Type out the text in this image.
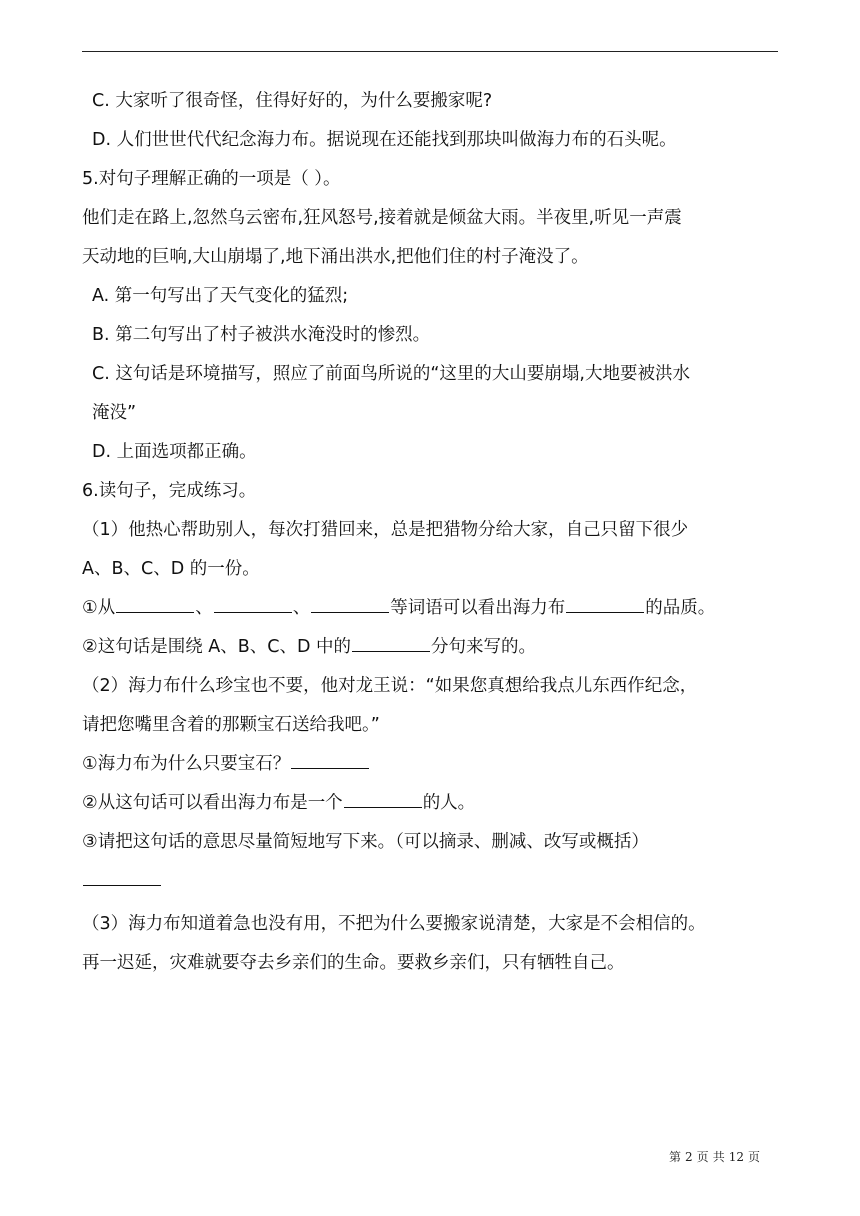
C. 大家听了很奇怪，住得好好的，为什么要搬家呢?
D. 人们世世代代纪念海力布。据说现在还能找到那块叫做海力布的石头呢。
5.对句子理解正确的一项是（ ）。
他们走在路上,忽然乌云密布,狂风怒号,接着就是倾盆大雨。半夜里,听见一声震
天动地的巨响,大山崩塌了,地下涌出洪水,把他们住的村子淹没了。
A. 第一句写出了天气变化的猛烈;
B. 第二句写出了村子被洪水淹没时的惨烈。
C. 这句话是环境描写，照应了前面鸟所说的“这里的大山要崩塌,大地要被洪水
淹没”
D. 上面选项都正确。
6.读句子，完成练习。
（1）他热心帮助别人，每次打猎回来，总是把猎物分给大家，自己只留下很少
A、B、C、D 的一份。
①从	、	、	等词语可以看出海力布	的品质。
②这句话是围绕 A、B、C、D 中的	分句来写的。
（2）海力布什么珍宝也不要，他对龙王说：“如果您真想给我点儿东西作纪念，
请把您嘴里含着的那颗宝石送给我吧。”
①海力布为什么只要宝石？
②从这句话可以看出海力布是一个	的人。
③请把这句话的意思尽量简短地写下来。（可以摘录、删减、改写或概括）
（3）海力布知道着急也没有用，不把为什么要搬家说清楚，大家是不会相信的。
再一迟延，灾难就要夺去乡亲们的生命。要救乡亲们，只有牺牲自己。
第 2 页 共 12 页
